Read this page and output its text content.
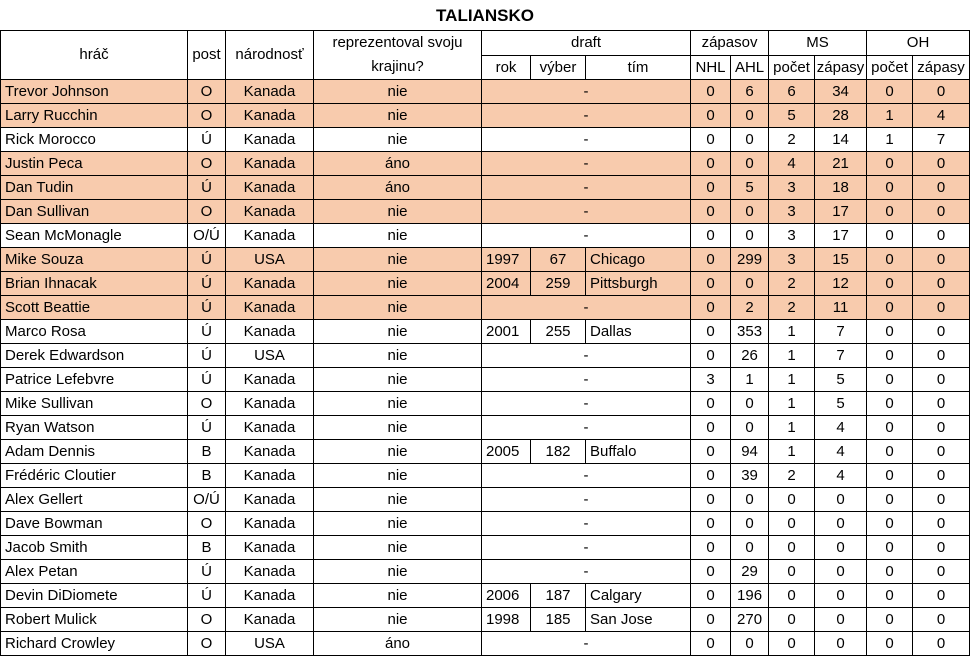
TALIANSKO
hráč	post	národnosť	reprezentoval svoju krajinu?	draft			zápasov		MS		OH	
				rok	výber	tím	NHL	AHL	počet	zápasy	počet	zápasy
Trevor Johnson	O	Kanada	nie	-			0	6	6	34	0	0
Larry Rucchin	O	Kanada	nie	-			0	0	5	28	1	4
Rick Morocco	Ú	Kanada	nie	-			0	0	2	14	1	7
Justin Peca	O	Kanada	áno	-			0	0	4	21	0	0
Dan Tudin	Ú	Kanada	áno	-			0	5	3	18	0	0
Dan Sullivan	O	Kanada	nie	-			0	0	3	17	0	0
Sean McMonagle	O/Ú	Kanada	nie	-			0	0	3	17	0	0
Mike Souza	Ú	USA	nie	1997	67	Chicago	0	299	3	15	0	0
Brian Ihnacak	Ú	Kanada	nie	2004	259	Pittsburgh	0	0	2	12	0	0
Scott Beattie	Ú	Kanada	nie	-			0	2	2	11	0	0
Marco Rosa	Ú	Kanada	nie	2001	255	Dallas	0	353	1	7	0	0
Derek Edwardson	Ú	USA	nie	-			0	26	1	7	0	0
Patrice Lefebvre	Ú	Kanada	nie	-			3	1	1	5	0	0
Mike Sullivan	O	Kanada	nie	-			0	0	1	5	0	0
Ryan Watson	Ú	Kanada	nie	-			0	0	1	4	0	0
Adam Dennis	B	Kanada	nie	2005	182	Buffalo	0	94	1	4	0	0
Frédéric Cloutier	B	Kanada	nie	-			0	39	2	4	0	0
Alex Gellert	O/Ú	Kanada	nie	-			0	0	0	0	0	0
Dave Bowman	O	Kanada	nie	-			0	0	0	0	0	0
Jacob Smith	B	Kanada	nie	-			0	0	0	0	0	0
Alex Petan	Ú	Kanada	nie	-			0	29	0	0	0	0
Devin DiDiomete	Ú	Kanada	nie	2006	187	Calgary	0	196	0	0	0	0
Robert Mulick	O	Kanada	nie	1998	185	San Jose	0	270	0	0	0	0
Richard Crowley	O	USA	áno	-			0	0	0	0	0	0
